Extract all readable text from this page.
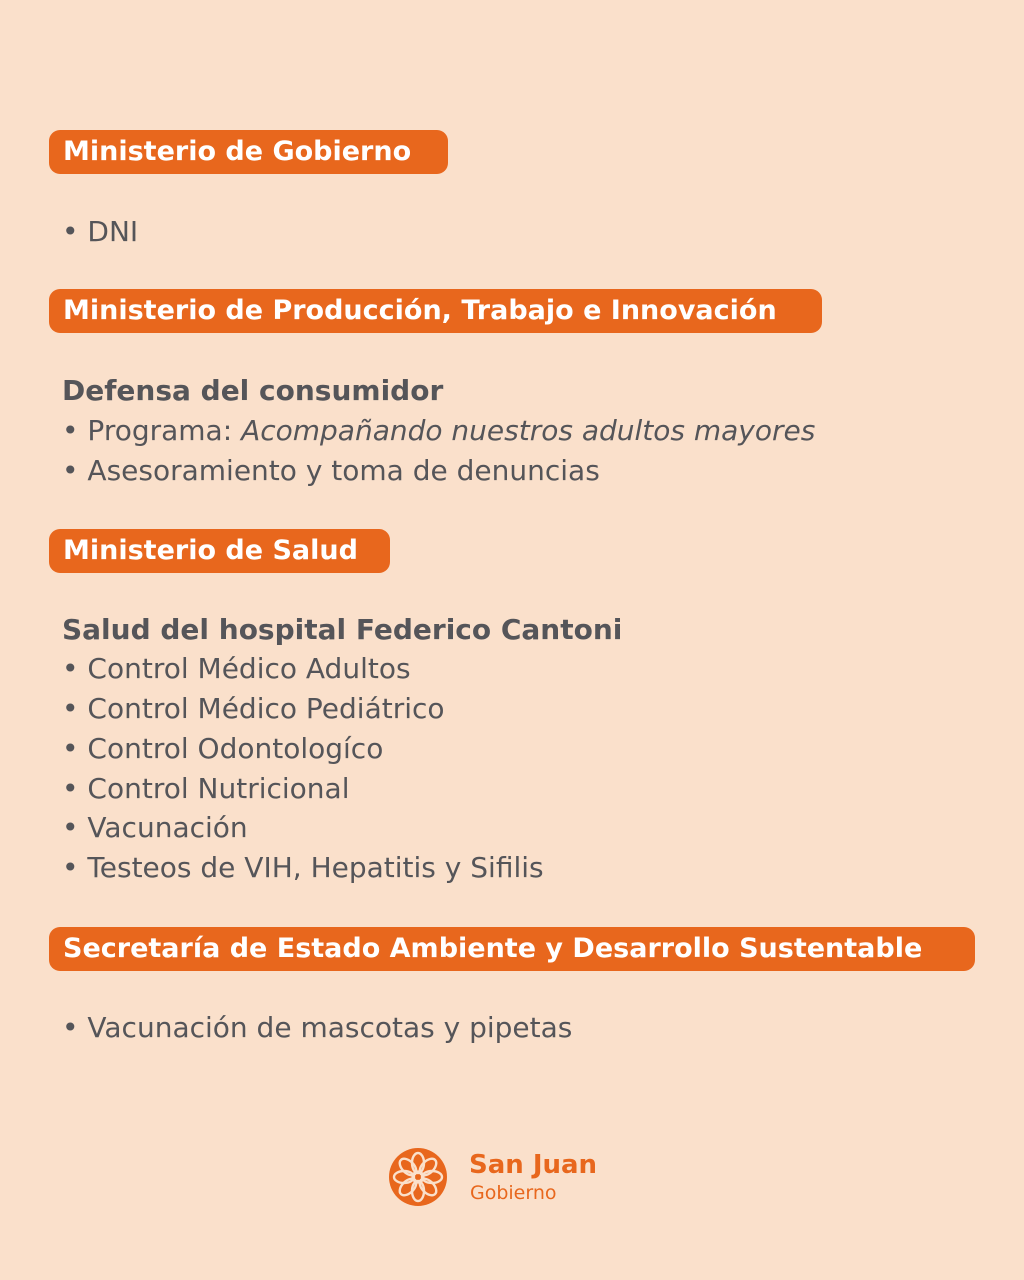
Ministerio de Gobierno
• DNI
Ministerio de Producción, Trabajo e Innovación
Defensa del consumidor
• Programa: Acompañando nuestros adultos mayores
• Asesoramiento y toma de denuncias
Ministerio de Salud
Salud del hospital Federico Cantoni
• Control Médico Adultos
• Control Médico Pediátrico
• Control Odontologíco
• Control Nutricional
• Vacunación
• Testeos de VIH, Hepatitis y Sifilis
Secretaría de Estado Ambiente y Desarrollo Sustentable
• Vacunación de mascotas y pipetas
San Juan
Gobierno
